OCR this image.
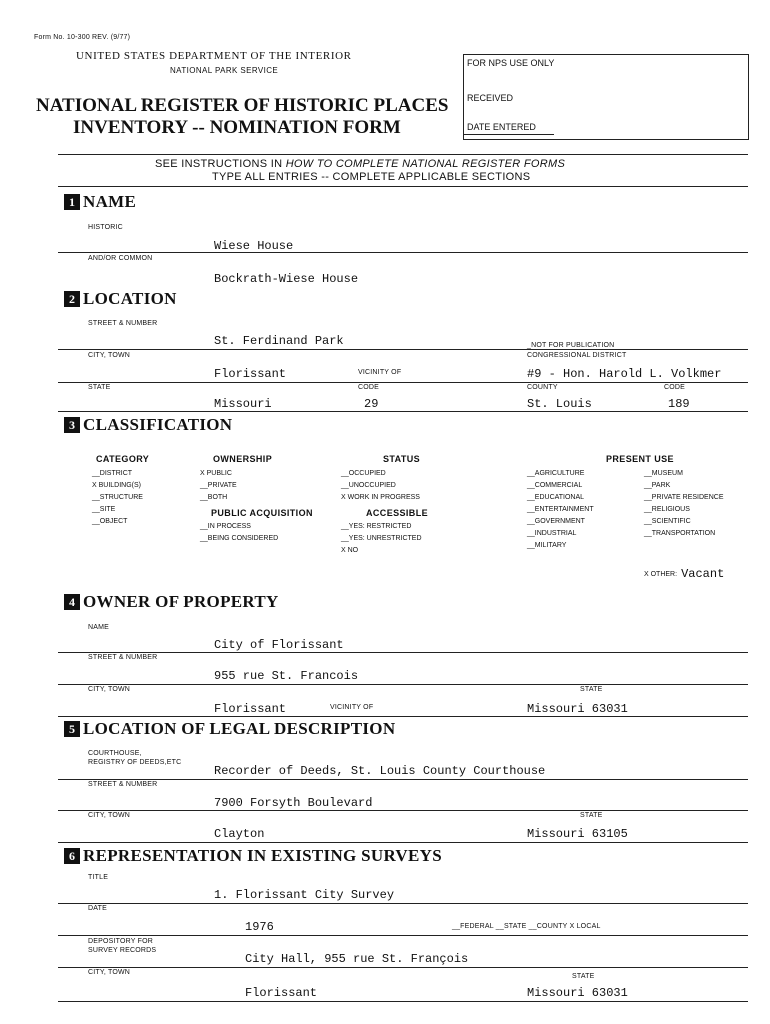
Form No. 10-300 REV. (9/77)
UNITED STATES DEPARTMENT OF THE INTERIOR
NATIONAL PARK SERVICE
NATIONAL REGISTER OF HISTORIC PLACES
INVENTORY -- NOMINATION FORM
FOR NPS USE ONLY
RECEIVED
DATE ENTERED
SEE INSTRUCTIONS IN HOW TO COMPLETE NATIONAL REGISTER FORMS
TYPE ALL ENTRIES -- COMPLETE APPLICABLE SECTIONS
1 NAME
HISTORIC
Wiese House
AND/OR COMMON
Bockrath-Wiese House
2 LOCATION
STREET & NUMBER
St. Ferdinand Park	_NOT FOR PUBLICATION
CITY, TOWN	CONGRESSIONAL DISTRICT
Florissant	VICINITY OF	#9 - Hon. Harold L. Volkmer
STATE	CODE	COUNTY	CODE
Missouri	29	St. Louis	189
3 CLASSIFICATION
CATEGORY
__DISTRICT
X BUILDING(S)
__STRUCTURE
__SITE
__OBJECT
OWNERSHIP
X PUBLIC
__PRIVATE
__BOTH
PUBLIC ACQUISITION
__IN PROCESS
__BEING CONSIDERED
STATUS
__OCCUPIED
__UNOCCUPIED
X WORK IN PROGRESS
ACCESSIBLE
__YES: RESTRICTED
__YES: UNRESTRICTED
X NO
PRESENT USE
__AGRICULTURE
__COMMERCIAL
__EDUCATIONAL
__ENTERTAINMENT
__GOVERNMENT
__INDUSTRIAL
__MILITARY
__MUSEUM
__PARK
__PRIVATE RESIDENCE
__RELIGIOUS
__SCIENTIFIC
__TRANSPORTATION
X OTHER: Vacant
4 OWNER OF PROPERTY
NAME
City of Florissant
STREET & NUMBER
955 rue St. Francois
CITY, TOWN	STATE
Florissant	VICINITY OF	Missouri 63031
5 LOCATION OF LEGAL DESCRIPTION
COURTHOUSE,
REGISTRY OF DEEDS,ETC
Recorder of Deeds, St. Louis County Courthouse
STREET & NUMBER
7900 Forsyth Boulevard
CITY, TOWN	STATE
Clayton	Missouri 63105
6 REPRESENTATION IN EXISTING SURVEYS
TITLE
1. Florissant City Survey
DATE
1976	__FEDERAL __STATE __COUNTY X LOCAL
DEPOSITORY FOR
SURVEY RECORDS
City Hall, 955 rue St. François
CITY, TOWN
STATE
Florissant	Missouri 63031
